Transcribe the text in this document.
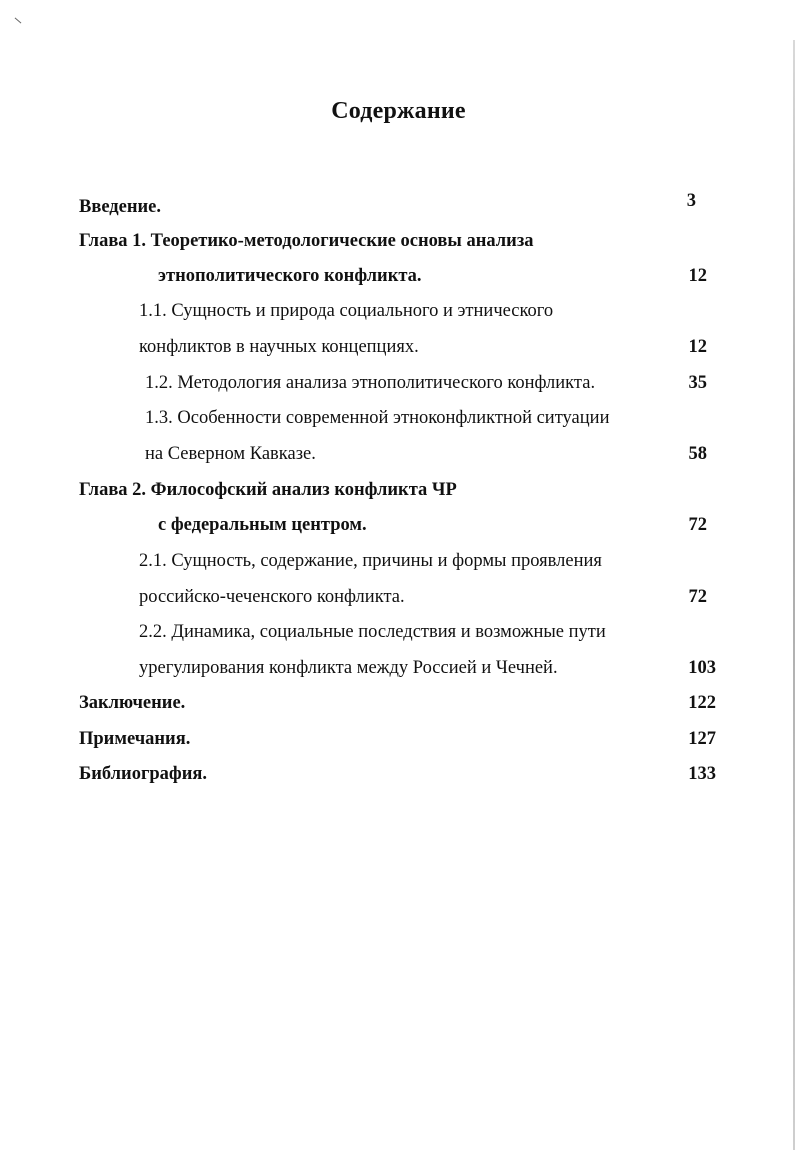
Содержание
Введение.	3
Глава 1. Теоретико-методологические основы анализа
этнополитического конфликта.	12
1.1. Сущность и природа социального и этнического
конфликтов в научных концепциях.	12
1.2. Методология анализа этнополитического конфликта.	35
1.3. Особенности современной этноконфликтной ситуации
на Северном Кавказе.	58
Глава 2. Философский анализ конфликта ЧР
с федеральным центром.	72
2.1. Сущность, содержание, причины и формы проявления
российско-чеченского конфликта.	72
2.2. Динамика, социальные последствия и возможные пути
урегулирования конфликта между Россией и Чечней.	103
Заключение.	122
Примечания.	127
Библиография.	133
